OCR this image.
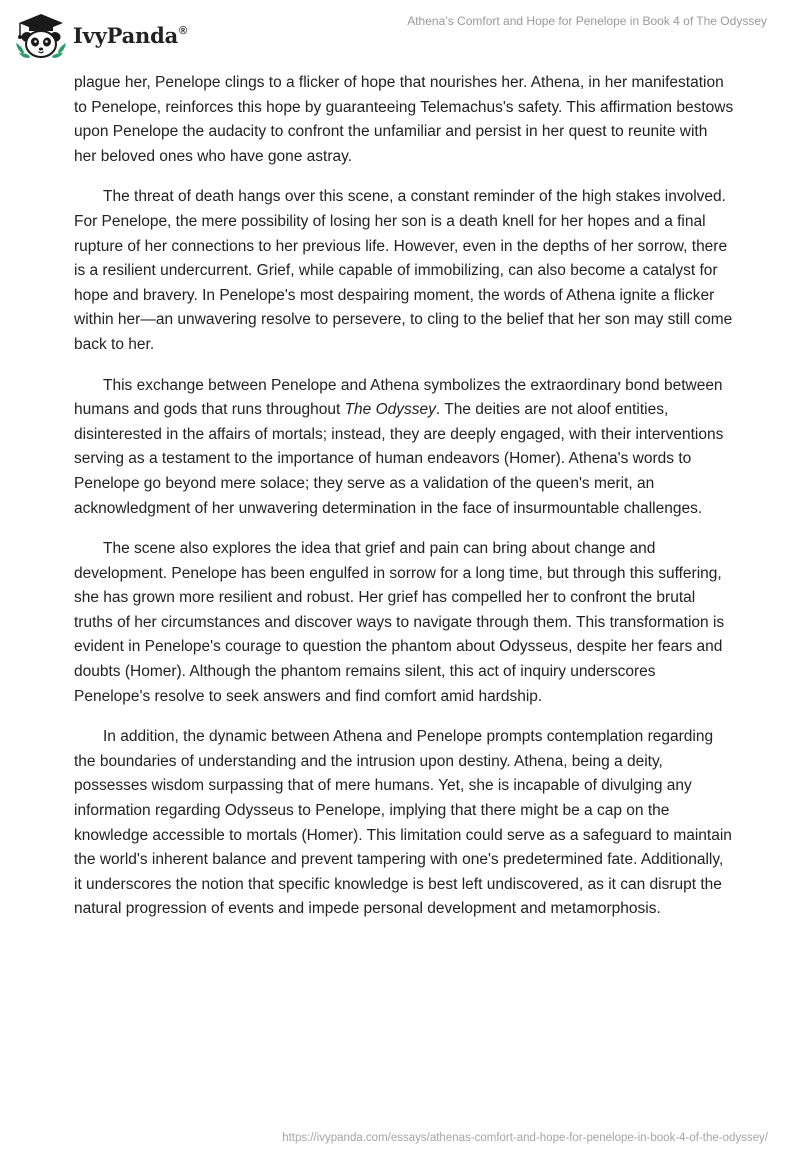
IvyPanda®
Athena’s Comfort and Hope for Penelope in Book 4 of The Odyssey

plague her, Penelope clings to a flicker of hope that nourishes her. Athena, in her manifestation to Penelope, reinforces this hope by guaranteeing Telemachus's safety. This affirmation bestows upon Penelope the audacity to confront the unfamiliar and persist in her quest to reunite with her beloved ones who have gone astray.

The threat of death hangs over this scene, a constant reminder of the high stakes involved. For Penelope, the mere possibility of losing her son is a death knell for her hopes and a final rupture of her connections to her previous life. However, even in the depths of her sorrow, there is a resilient undercurrent. Grief, while capable of immobilizing, can also become a catalyst for hope and bravery. In Penelope's most despairing moment, the words of Athena ignite a flicker within her—an unwavering resolve to persevere, to cling to the belief that her son may still come back to her.

This exchange between Penelope and Athena symbolizes the extraordinary bond between humans and gods that runs throughout The Odyssey. The deities are not aloof entities, disinterested in the affairs of mortals; instead, they are deeply engaged, with their interventions serving as a testament to the importance of human endeavors (Homer). Athena's words to Penelope go beyond mere solace; they serve as a validation of the queen's merit, an acknowledgment of her unwavering determination in the face of insurmountable challenges.

The scene also explores the idea that grief and pain can bring about change and development. Penelope has been engulfed in sorrow for a long time, but through this suffering, she has grown more resilient and robust. Her grief has compelled her to confront the brutal truths of her circumstances and discover ways to navigate through them. This transformation is evident in Penelope's courage to question the phantom about Odysseus, despite her fears and doubts (Homer). Although the phantom remains silent, this act of inquiry underscores Penelope's resolve to seek answers and find comfort amid hardship.

In addition, the dynamic between Athena and Penelope prompts contemplation regarding the boundaries of understanding and the intrusion upon destiny. Athena, being a deity, possesses wisdom surpassing that of mere humans. Yet, she is incapable of divulging any information regarding Odysseus to Penelope, implying that there might be a cap on the knowledge accessible to mortals (Homer). This limitation could serve as a safeguard to maintain the world's inherent balance and prevent tampering with one's predetermined fate. Additionally, it underscores the notion that specific knowledge is best left undiscovered, as it can disrupt the natural progression of events and impede personal development and metamorphosis.

https://ivypanda.com/essays/athenas-comfort-and-hope-for-penelope-in-book-4-of-the-odyssey/
